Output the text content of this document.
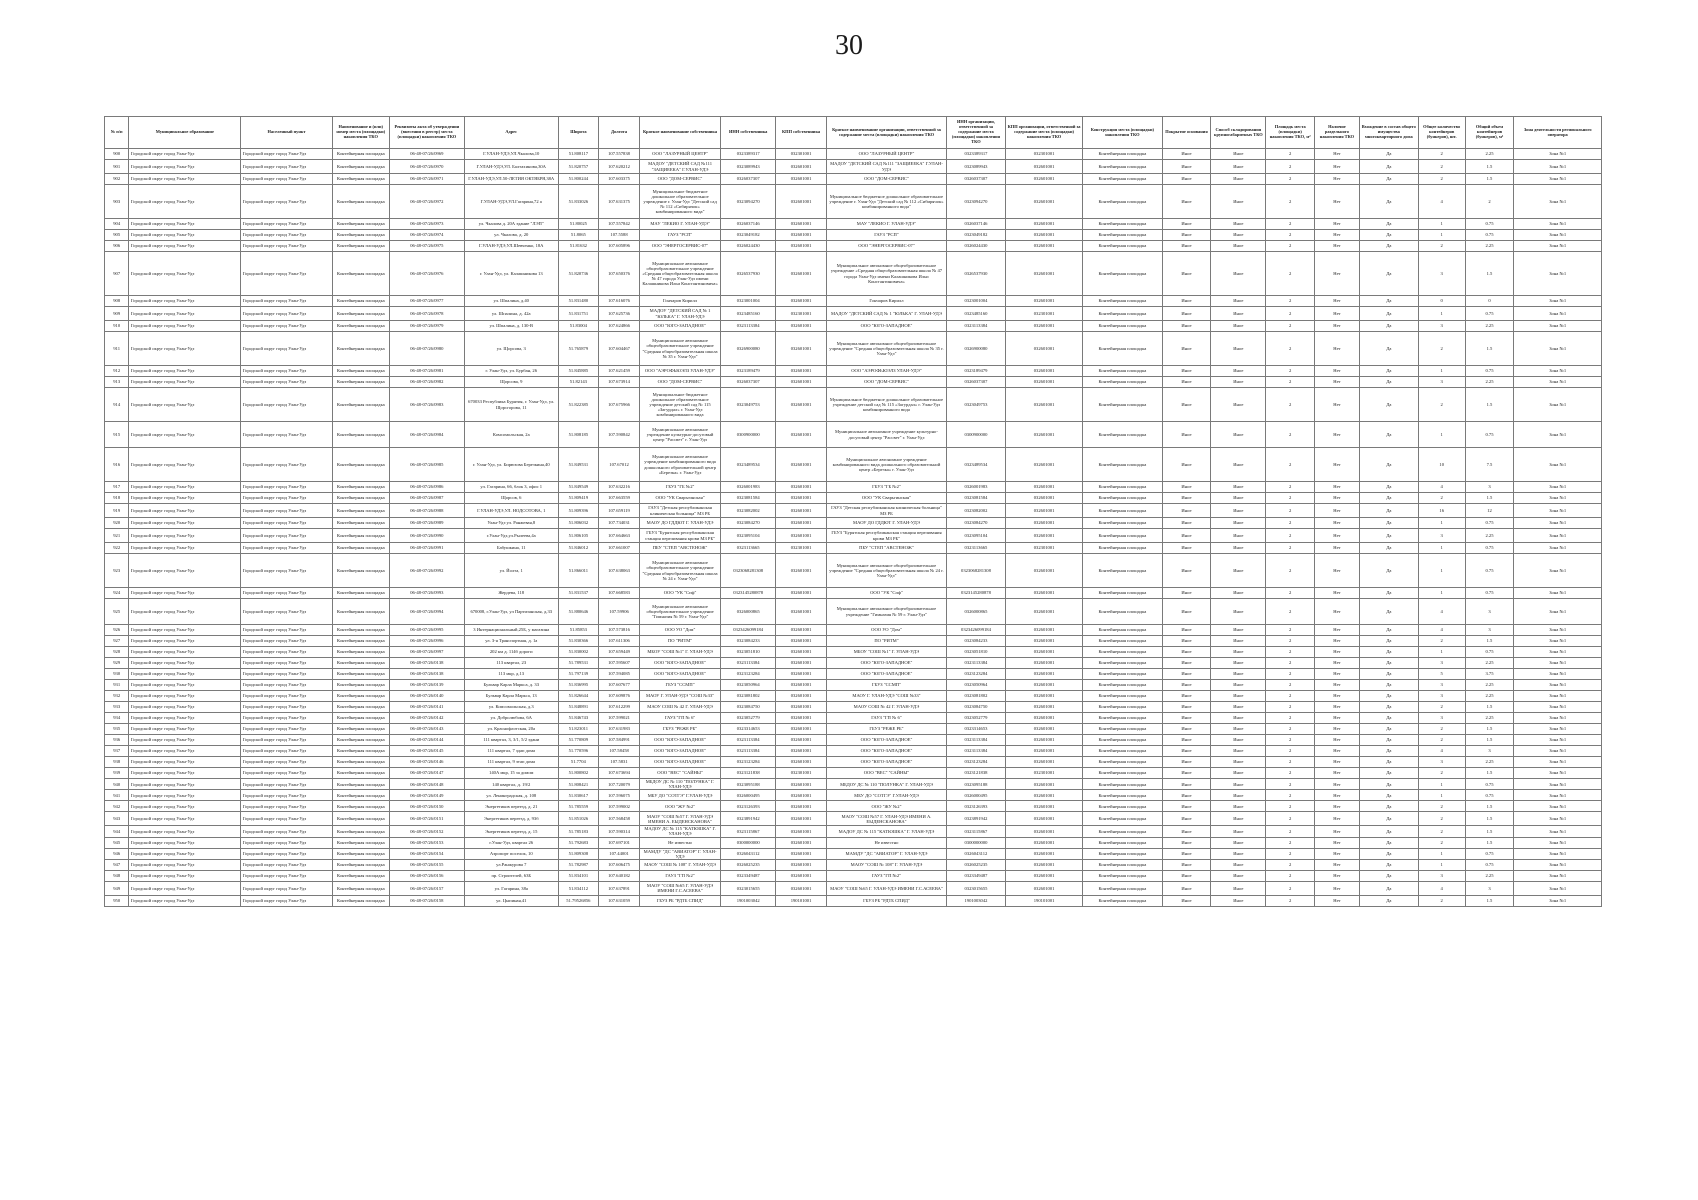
30
№ п/п	Муниципальное образование	Населенный пункт	Наименование и (или) номер места (площадки) накопления ТКО	Реквизиты акта об утверждении (внесении в реестр) места (площадки) накопления ТКО	Адрес	Широта	Долгота	Краткое наименование собственника	ИНН собственника	КПП собственника	Краткое наименование организации, ответственной за содержание места (площадки) накопления ТКО	ИНН организации, ответственной за содержание места (площадки) накопления ТКО	КПП организации, ответственной за содержание места (площадки) накопления ТКО	Конструкция места (площадки) накопления ТКО	Покрытие основания	Способ складирования крупногабаритных ТКО	Площадь места (площадки) накопления ТКО, м²	Наличие раздельного накопления ТКО	Вхождение в состав общего имущества многоквартирного дома	Общее количество контейнеров (бункеров), шт.	Общий объем контейнеров (бункеров), м³	Зона деятельности регионального оператора
900	Городской округ город Улан-Удэ	Городской округ город Улан-Удэ	Контейнерная площадка	06-48-07/26/0969	Г.УЛАН-УДЭ,УЛ.Чкалова,10	51.808117	107.557838	ООО "ЛАЗУРНЫЙ ЦЕНТР"	0323389317	032301001	ООО "ЛАЗУРНЫЙ ЦЕНТР"	0323389317	032301001	Контейнерная площадка	Иное	Иное	2	Нет	Да	2	2.25	Зона №1
901	Городской округ город Улан-Удэ	Городской округ город Улан-Удэ	Контейнерная площадка	06-48-07/26/0970	Г.УЛАН-УДЭ,УЛ. Балтахинова,30А	51.820757	107.620212	МАДОУ "ДЕТСКИЙ САД №111 "ЗАЩИЕЕКА" Г.УЛАН-УДЭ	0323089943	032601001	МАДОУ "ДЕТСКИЙ САД №111 "ЗАЩИЕЕКА" Г.УЛАН-УДЭ	0323089943	032601001	Контейнерная площадка	Иное	Иное	2	Нет	Да	2	1.5	Зона №1
902	Городской округ город Улан-Удэ	Городской округ город Улан-Удэ	Контейнерная площадка	06-48-07/26/0971	Г.УЛАН-УДЭ,УЛ.50-ЛЕТИЯ ОКТЯБРЯ,38А	51.800244	107.603375	ООО "ДОМ-СЕРВИС"	0326037307	032601001	ООО "ДОМ-СЕРВИС"	0326037307	032601001	Контейнерная площадка	Иное	Иное	2	Нет	Да	2	1.5	Зона №1
903	Городской округ город Улан-Удэ	Городской округ город Улан-Удэ	Контейнерная площадка	06-48-07/26/0972	Г.УЛАН-УДЭ,УЛ.Гагарина,72 а	51.833026	107.631375	Муниципальное бюджетное дошкольное образовательное учреждение г. Улан-Удэ "Детский сад № 112 «Сибирячок» комбинированного вида"	0323094270	032601001	Муниципальное бюджетное дошкольное образовательное учреждение г. Улан-Удэ "Детский сад № 112 «Сибирячок» комбинированного вида"	0323094270	032601001	Контейнерная площадка	Иное	Иное	2	Нет	Да	4	2	Зона №1
904	Городской округ город Улан-Удэ	Городской округ город Улан-Удэ	Контейнерная площадка	06-48-07/26/0973	ул. Чкалова д. 20А здание "ЛЭП"	51.80025	107.557842	МАУ "ЛЕКИО Г. УЛАН-УДЭ"	0326037146	032601001	МАУ "ЛЕКИО Г. УЛАН-УДЭ"	0326037146	032601001	Контейнерная площадка	Иное	Иное	2	Нет	Да	1	0.75	Зона №1
905	Городской округ город Улан-Удэ	Городской округ город Улан-Удэ	Контейнерная площадка	06-48-07/26/0974	ул. Чкалова, д. 20	51.8065	107.5588	ГАУЗ "РСП"	0323049182	032601001	ГАУЗ "РСП"	0323049182	032601001	Контейнерная площадка	Иное	Иное	2	Нет	Да	1	0.75	Зона №1
906	Городской округ город Улан-Удэ	Городской округ город Улан-Удэ	Контейнерная площадка	06-48-07/26/0975	Г.УЛАН-УДЭ,УЛ.Шевченко, 18А	51.81632	107.605896	ООО "ЭНЕРГОСЕРВИС-07"	0326024430	032601001	ООО "ЭНЕРГОСЕРВИС-07"	0326024430	032601001	Контейнерная площадка	Иное	Иное	2	Нет	Да	2	2.25	Зона №1
907	Городской округ город Улан-Удэ	Городской округ город Улан-Удэ	Контейнерная площадка	06-48-07/26/0976	г. Улан-Удэ, ул. Калашникова 13	51.820736	107.650376	Муниципальное автономное общеобразовательное учреждение «Средняя общеобразовательная школа № 47 города Улан-Удэ имени Калашникова Ильи Константиновича»	0326537930	032601001	Муниципальное автономное общеобразовательное учреждение «Средняя общеобразовательная школа № 47 города Улан-Удэ имени Калашникова Ильи Константиновича»	0326537930	032601001	Контейнерная площадка	Иное	Иное	2	Нет	Да	3	1.5	Зона №1
908	Городской округ город Улан-Удэ	Городской округ город Улан-Удэ	Контейнерная площадка	06-48-07/26/0977	ул. Шпалина, д.40	51.831480	107.616076	Гончаров Кирилл	0323001004	032601001	Гончаров Кирилл	0323001004	032601001	Контейнерная площадка	Иное	Иное	2	Нет	Да	0	0	Зона №1
909	Городской округ город Улан-Удэ	Городской округ город Улан-Удэ	Контейнерная площадка	06-48-07/26/0978	ул. Шпалина, д. 42а	51.831751	107.625736	МАДОУ "ДЕТСКИЙ САД № 1 "ЮЛЬКА" Г. УЛАН-УДЭ	0323485160	032301001	МАДОУ "ДЕТСКИЙ САД № 1 "ЮЛЬКА" Г. УЛАН-УДЭ	0323485160	032301001	Контейнерная площадка	Иное	Иное	2	Нет	Да	1	0.75	Зона №1
910	Городской округ город Улан-Удэ	Городской округ город Улан-Удэ	Контейнерная площадка	06-48-07/26/0979	ул. Шпалина, д. 130-В	51.83004	107.624866	ООО "ЮГО-ЗАПАДНОЕ"	0323113384	032601001	ООО "ЮГО-ЗАПАДНОЕ"	0323113384	032601001	Контейнерная площадка	Иное	Иное	2	Нет	Да	3	2.25	Зона №1
911	Городской округ город Улан-Удэ	Городской округ город Улан-Удэ	Контейнерная площадка	06-48-07/26/0980	ул. Щорсова, 3	51.765879	107.604467	Муниципальное автономное общеобразовательное учреждение "Средняя общеобразовательная школа № 35 г. Улан-Удэ"	0326900080	032601001	Муниципальное автономное общеобразовательное учреждение "Средняя общеобразовательная школа № 35 г. Улан-Удэ"	0326900080	032601001	Контейнерная площадка	Иное	Иное	2	Нет	Да	2	1.5	Зона №1
912	Городской округ город Улан-Удэ	Городской округ город Улан-Удэ	Контейнерная площадка	06-48-07/26/0981	г. Улан-Удэ, ул. Бурбан, 26	51.845885	107.621459	ООО "АЭРОФЬЮЭЛЗ УЛАН-УДЭ"	0323189479	032601001	ООО "АЭРОФЬЮЭЛЗ УЛАН-УДЭ"	0323189479	032601001	Контейнерная площадка	Иное	Иное	2	Нет	Да	1	0.75	Зона №1
913	Городской округ город Улан-Удэ	Городской округ город Улан-Удэ	Контейнерная площадка	06-48-07/26/0982	Щорсова, 9	51.82143	107.673914	ООО "ДОМ-СЕРВИС"	0326037307	032601001	ООО "ДОМ-СЕРВИС"	0326037307	032601001	Контейнерная площадка	Иное	Иное	2	Нет	Да	3	2.25	Зона №1
914	Городской округ город Улан-Удэ	Городской округ город Улан-Удэ	Контейнерная площадка	06-48-07/26/0983	670033 Республика Бурятия, г. Улан-Удэ, ул. Щорсгорова, 11	51.822385	107.675966	Муниципальное бюджетное дошкольное образовательное учреждение детский сад № 115 «Загурдал» г. Улан-Удэ комбинированного вида	0323049753	032601001	Муниципальное бюджетное дошкольное образовательное учреждение детский сад № 115 «Загурдал» г. Улан-Удэ комбинированного вида	0323049753	032601001	Контейнерная площадка	Иное	Иное	2	Нет	Да	2	1.5	Зона №1
915	Городской округ город Улан-Удэ	Городской округ город Улан-Удэ	Контейнерная площадка	06-48-07/26/0984	Комсомольская, 2а	51.808185	107.590842	Муниципальное автономное учреждение культурно-досуговый центр "Рассвет" г. Улан-Удэ	0300900000	032601001	Муниципальное автономное учреждение культурно-досуговый центр "Рассвет" г. Улан-Удэ	0300900000	032601001	Контейнерная площадка	Иное	Иное	2	Нет	Да	1	0.75	Зона №1
916	Городской округ город Улан-Удэ	Городской округ город Улан-Удэ	Контейнерная площадка	06-48-07/26/0985	г. Улан-Удэ, ул. Бирюзова Березкина,40	51.849531	107.67012	Муниципальное автономное учреждение комбинированного вида дошкольного образовательной центр «Березка» г. Улан-Удэ	0323489534	032601001	Муниципальное автономное учреждение комбинированного вида дошкольного образовательной центр «Березка» г. Улан-Удэ	0323489534	032601001	Контейнерная площадка	Иное	Иное	2	Нет	Да	10	7.5	Зона №1
917	Городской округ город Улан-Удэ	Городской округ город Улан-Удэ	Контейнерная площадка	06-48-07/26/0986	ул. Гагарина, 66, блок 3, офис 1	51.849549	107.632216	ГБУЗ "ГБ №2"	0326001983	032601001	ГБУЗ "ГБ №2"	0326001983	032601001	Контейнерная площадка	Иное	Иное	2	Нет	Да	4	3	Зона №1
918	Городской округ город Улан-Удэ	Городской округ город Улан-Удэ	Контейнерная площадка	06-48-07/26/0987	Щорсов, 6	51.809419	107.663559	ООО "УК Сварьгинская"	0323081584	032601001	ООО "УК Сварьгинская"	0323081584	032601001	Контейнерная площадка	Иное	Иное	2	Нет	Да	2	1.5	Зона №1
919	Городской округ город Улан-Удэ	Городской округ город Улан-Удэ	Контейнерная площадка	06-48-07/26/0988	Г.УЛАН-УДЭ,УЛ. НОДСОТОВА, 1	51.809396	107.659119	ГАУЗ "Детская республиканская клиническая больница" МЗ РБ	0323082002	032601001	ГАУЗ "Детская республиканская клиническая больница" МЗ РБ	0323082002	032601001	Контейнерная площадка	Иное	Иное	2	Нет	Да	16	12	Зона №1
920	Городской округ город Улан-Удэ	Городской округ город Улан-Удэ	Контейнерная площадка	06-48-07/26/0989	Улан-Удэ ул. Ранжевая,8	51.806032	107.734031	МАОУ ДО ГДДЮТ Г. УЛАН-УДЭ	0323084270	032601001	МАОУ ДО ГДДЮТ Г. УЛАН-УДЭ	0323084270	032601001	Контейнерная площадка	Иное	Иное	2	Нет	Да	1	0.75	Зона №1
921	Городской округ город Улан-Удэ	Городской округ город Улан-Удэ	Контейнерная площадка	06-48-07/26/0990	г.Улан-Удэ,ул.Рылеева,4а	51.806105	107.664663	ГБУЗ "Бурятская республиканская станция переливания крови МЗ РБ"	0323095104	032601001	ГБУЗ "Бурятская республиканская станция переливания крови МЗ РБ"	0323095104	032601001	Контейнерная площадка	Иное	Иное	2	Нет	Да	3	2.25	Зона №1
922	Городской округ город Улан-Удэ	Городской округ город Улан-Удэ	Контейнерная площадка	06-48-07/26/0991	Бабушкина, 11	51.846012	107.661007	ПБУ "СТЕП "АВСТЕНОЖ"	0323113665	032301001	ПБУ "СТЕП "АВСТЕНОЖ"	0323113665	032301001	Контейнерная площадка	Иное	Иное	2	Нет	Да	1	0.75	Зона №1
923	Городской округ город Улан-Удэ	Городской округ город Улан-Удэ	Контейнерная площадка	06-48-07/26/0992	ул. Йолта, 1	51.866011	107.638063	Муниципальное автономное общеобразовательное учреждение "Средняя общеобразовательная школа № 24 г. Улан-Удэ"	0323068281308	032601001	Муниципальное автономное общеобразовательное учреждение "Средняя общеобразовательная школа № 24 г. Улан-Удэ"	0323068281308	032601001	Контейнерная площадка	Иное	Иное	2	Нет	Да	1	0.75	Зона №1
924	Городской округ город Улан-Удэ	Городской округ город Улан-Удэ	Контейнерная площадка	06-48-07/26/0993	Жердева, 118	51.831537	107.668583	ООО "УК "Спф"	0323145280878	032601001	ООО "УК "Спф"	0323145280878	032601001	Контейнерная площадка	Иное	Иное	2	Нет	Да	1	0.75	Зона №1
925	Городской округ город Улан-Удэ	Городской округ город Улан-Удэ	Контейнерная площадка	06-48-07/26/0994	670008, г.Улан-Удэ, ул Партизанская, д.33	51.880646	107.59906	Муниципальное автономное общеобразовательное учреждение "Гимназия № 59 г. Улан-Удэ"	0326000865	032601001	Муниципальное автономное общеобразовательное учреждение "Гимназия № 59 г. Улан-Удэ"	0326000865	032601001	Контейнерная площадка	Иное	Иное	2	Нет	Да	4	3	Зона №1
926	Городской округ город Улан-Удэ	Городской округ город Улан-Удэ	Контейнерная площадка	06-48-07/26/0995	3 Интернациональный,25Б, у магазина	51.85853	107.573816	ООО УО "Дом"	0323426099184	032601001	ООО УО "Дом"	0323426099184	032601001	Контейнерная площадка	Иное	Иное	2	Нет	Да	4	3	Зона №1
927	Городской округ город Улан-Удэ	Городской округ город Улан-Удэ	Контейнерная площадка	06-48-07/26/0996	ул. 3-я Транспортная, д. 1а	51.830366	107.611306	ПО "РИТМ"	0323084233	032601001	ПО "РИТМ"	0323084233	032601001	Контейнерная площадка	Иное	Иное	2	Нет	Да	2	1.5	Зона №1
928	Городской округ город Улан-Удэ	Городской округ город Улан-Удэ	Контейнерная площадка	06-48-07/26/0997	202 км д. 114б дороги	51.830002	107.659449	МБОУ "СОШ №1" Г. УЛАН-УДЭ	0323051810	032601001	МБОУ "СОШ №1" Г. УЛАН-УДЭ	0323051810	032601001	Контейнерная площадка	Иное	Иное	2	Нет	Да	1	0.75	Зона №1
929	Городской округ город Улан-Удэ	Городской округ город Улан-Удэ	Контейнерная площадка	06-48-07/26/0138	113 квартал, 23	51.789531	107.595607	ООО "ЮГО-ЗАПАДНОЕ"	0323113384	032601001	ООО "ЮГО-ЗАПАДНОЕ"	0323113384	032601001	Контейнерная площадка	Иное	Иное	2	Нет	Да	3	2.25	Зона №1
930	Городской округ город Улан-Удэ	Городской округ город Улан-Удэ	Контейнерная площадка	06-48-07/26/0138	113 мкр, д.13	51.797139	107.594085	ООО "ЮГО-ЗАПАДНОЕ"	0323123284	032601001	ООО "ЮГО-ЗАПАДНОЕ"	0323123284	032601001	Контейнерная площадка	Иное	Иное	2	Нет	Да	5	3.75	Зона №1
931	Городской округ город Улан-Удэ	Городской округ город Улан-Удэ	Контейнерная площадка	06-48-07/26/0139	Бульвар Карла Маркса, д. 33	51.836995	107.607677	ГБУЗ "ССМП"	0323050964	032601001	ГБУЗ "ССМП"	0323050964	032601001	Контейнерная площадка	Иное	Иное	2	Нет	Да	3	2.25	Зона №1
932	Городской округ город Улан-Удэ	Городской округ город Улан-Удэ	Контейнерная площадка	06-48-07/26/0140	Бульвар Карла Маркса, 13	51.826644	107.609876	МАОУ Г. УЛАН-УДЭ "СОШ №33"	0323081802	032601001	МАОУ Г. УЛАН-УДЭ "СОШ №33"	0323081802	032601001	Контейнерная площадка	Иное	Иное	2	Нет	Да	3	2.25	Зона №1
933	Городской округ город Улан-Удэ	Городской округ город Улан-Удэ	Контейнерная площадка	06-48-07/26/0141	ул. Комсомольская, д.3	51.848891	107.612299	МАОУ СОШ № 42 Г. УЛАН-УДЭ	0323084750	032601001	МАОУ СОШ № 42 Г. УЛАН-УДЭ	0323084750	032601001	Контейнерная площадка	Иное	Иное	2	Нет	Да	2	1.5	Зона №1
934	Городской округ город Улан-Удэ	Городской округ город Улан-Удэ	Контейнерная площадка	06-48-07/26/0142	ул. Добролюбова, 6А	51.846743	107.599021	ГАУЗ "ГП № 6"	0323052779	032601001	ГАУЗ "ГП № 6"	0323052779	032601001	Контейнерная площадка	Иное	Иное	2	Нет	Да	3	2.25	Зона №1
935	Городской округ город Улан-Удэ	Городской округ город Улан-Удэ	Контейнерная площадка	06-48-07/26/0143	ул. Краснофлотская, 20а	51.823011	107.631983	ГБУЗ "РЕЖЕ РБ"	0323314653	032601001	ГБУЗ "РЕЖЕ РБ"	0323314653	032601001	Контейнерная площадка	Иное	Иное	2	Нет	Да	2	1.5	Зона №1
936	Городской округ город Улан-Удэ	Городской округ город Улан-Удэ	Контейнерная площадка	06-48-07/26/0144	111 квартал, 3, 3/1, 5/2 здани	51.770809	107.584991	ООО "ЮГО-ЗАПАДНОЕ"	0323113384	032601001	ООО "ЮГО-ЗАПАДНОЕ"	0323113384	032601001	Контейнерная площадка	Иное	Иное	2	Нет	Да	2	1.5	Зона №1
937	Городской округ город Улан-Удэ	Городской округ город Улан-Удэ	Контейнерная площадка	06-48-07/26/0145	111 квартал, 7 эдап дома	51.770596	107.58458	ООО "ЮГО-ЗАПАДНОЕ"	0323113384	032601001	ООО "ЮГО-ЗАПАДНОЕ"	0323113384	032601001	Контейнерная площадка	Иное	Иное	2	Нет	Да	4	3	Зона №1
938	Городской округ город Улан-Удэ	Городской округ город Улан-Удэ	Контейнерная площадка	06-48-07/26/0146	111 квартал, 9 этап дома	51.7704	107.5831	ООО "ЮГО-ЗАПАДНОЕ"	0323123284	032601001	ООО "ЮГО-ЗАПАДНОЕ"	0323123284	032601001	Контейнерная площадка	Иное	Иное	2	Нет	Да	3	2.25	Зона №1
939	Городской округ город Улан-Удэ	Городской округ город Улан-Удэ	Контейнерная площадка	06-48-07/26/0147	140А мкр, 15 за домом	51.800802	107.673694	ООО "ВЕС" "САЙНЫ"	0323121838	032301001	ООО "ВЕС" "САЙНЫ"	0323121838	032301001	Контейнерная площадка	Иное	Иное	2	Нет	Да	2	1.5	Зона №1
940	Городской округ город Улан-Удэ	Городской округ город Улан-Удэ	Контейнерная площадка	06-48-07/26/0148	140 квартал, д. 19/2	51.808421	107.720079	МБДОУ ДС № 110 "ПОЛУНКА" Г. УЛАН-УДЭ	0323095188	032601001	МБДОУ ДС № 110 "ПОЛУНКА" Г. УЛАН-УДЭ	0323095188	032601001	Контейнерная площадка	Иное	Иное	2	Нет	Да	1	0.75	Зона №1
941	Городской округ город Улан-Удэ	Городской округ город Улан-Удэ	Контейнерная площадка	06-48-07/26/0149	ул. Ленинградская, д. 108	51.830617	107.596075	МБУ ДО "СОТГЭ" Г.УЛАН-УДЭ	0326000495	032601001	МБУ ДО "СОТГЭ" Г.УЛАН-УДЭ	0326000495	032601001	Контейнерная площадка	Иное	Иное	2	Нет	Да	1	0.75	Зона №1
942	Городской округ город Улан-Удэ	Городской округ город Улан-Удэ	Контейнерная площадка	06-48-07/26/0150	Энергетиков переезд, д. 21	51.785559	107.599002	ООО "ЖУ №2"	0323126393	032601001	ООО "ЖУ №2"	0323126393	032601001	Контейнерная площадка	Иное	Иное	2	Нет	Да	2	1.5	Зона №1
943	Городской округ город Улан-Удэ	Городской округ город Улан-Удэ	Контейнерная площадка	06-48-07/26/0151	Энергетиков переезд, д. 93б	51.851026	107.568458	МАОУ "СОШ №57 Г. УЛАН-УДЭ ИМЕНИ А. ЕЫДЕНСКАНОВА"	0323891942	032601001	МАОУ "СОШ №57 Г. УЛАН-УДЭ ИМЕНИ А. ЕЫДЕНСКАНОВА"	0323891942	032601001	Контейнерная площадка	Иное	Иное	2	Нет	Да	2	1.5	Зона №1
944	Городской округ город Улан-Удэ	Городской округ город Улан-Удэ	Контейнерная площадка	06-48-07/26/0152	Энергетиков переезд, д. 15	51.785183	107.590314	МАДОУ ДС № 115 "КАТЮШКА" Г. УЛАН-УДЭ	0323115867	032601001	МАДОУ ДС № 115 "КАТЮШКА" Г. УЛАН-УДЭ	0323115867	032601001	Контейнерная площадка	Иное	Иное	2	Нет	Да	2	1.5	Зона №1
945	Городской округ город Улан-Удэ	Городской округ город Улан-Удэ	Контейнерная площадка	06-48-07/26/0153	г.Улан-Удэ, квартал 26	51.792683	107.697101	Не известно	0300000000	032601001	Не известно	0300000000	032601001	Контейнерная площадка	Иное	Иное	2	Нет	Да	2	1.5	Зона №1
946	Городской округ город Улан-Удэ	Городской округ город Улан-Удэ	Контейнерная площадка	06-48-07/26/0154	Аэропорт поселок, 10	51.809308	107.44001	МАМДУ "ДС "АВИАТОР" Г. УЛАН-УДЭ	0326043112	032601001	МАМДУ "ДС "АВИАТОР" Г. УЛАН-УДЭ	0326043112	032601001	Контейнерная площадка	Иное	Иное	2	Нет	Да	1	0.75	Зона №1
947	Городской округ город Улан-Удэ	Городской округ город Улан-Удэ	Контейнерная площадка	06-48-07/26/0155	ул.Ранжурова 7	51.782987	107.606475	МАОУ "СОШ № 108" Г. УЛАН-УДЭ	0326025235	032601001	МАОУ "СОШ № 108" Г. УЛАН-УДЭ	0326025235	032601001	Контейнерная площадка	Иное	Иное	2	Нет	Да	1	0.75	Зона №1
948	Городской округ город Улан-Удэ	Городской округ город Улан-Удэ	Контейнерная площадка	06-48-07/26/0156	пр. Строителей, 63Б	51.834101	107.640182	ГАУЗ "ГП №2"	0323349487	032601001	ГАУЗ "ГП №2"	0323349487	032601001	Контейнерная площадка	Иное	Иное	2	Нет	Да	3	2.25	Зона №1
949	Городской округ город Улан-Удэ	Городской округ город Улан-Удэ	Контейнерная площадка	06-48-07/26/0157	ул. Гагарина, 38а	51.834112	107.637891	МАОУ "СОШ №65 Г. УЛАН-УДЭ ИМЕНИ Г.С.АСЕЕВА"	0323015655	032601001	МАОУ "СОШ №65 Г. УЛАН-УДЭ ИМЕНИ Г.С.АСЕЕВА"	0323015655	032601001	Контейнерная площадка	Иное	Иное	2	Нет	Да	4	3	Зона №1
950	Городской округ город Улан-Удэ	Городской округ город Улан-Удэ	Контейнерная площадка	06-48-07/26/0158	ул. Цыпиная,41	51.79526856	107.631059	ГБУЗ РБ "РДТБ СПИД"	1901003042	190101001	ГБУЗ РБ "РДТБ СПИД"	1901003042	190101001	Контейнерная площадка	Иное	Иное	2	Нет	Да	2	1.5	Зона №1
